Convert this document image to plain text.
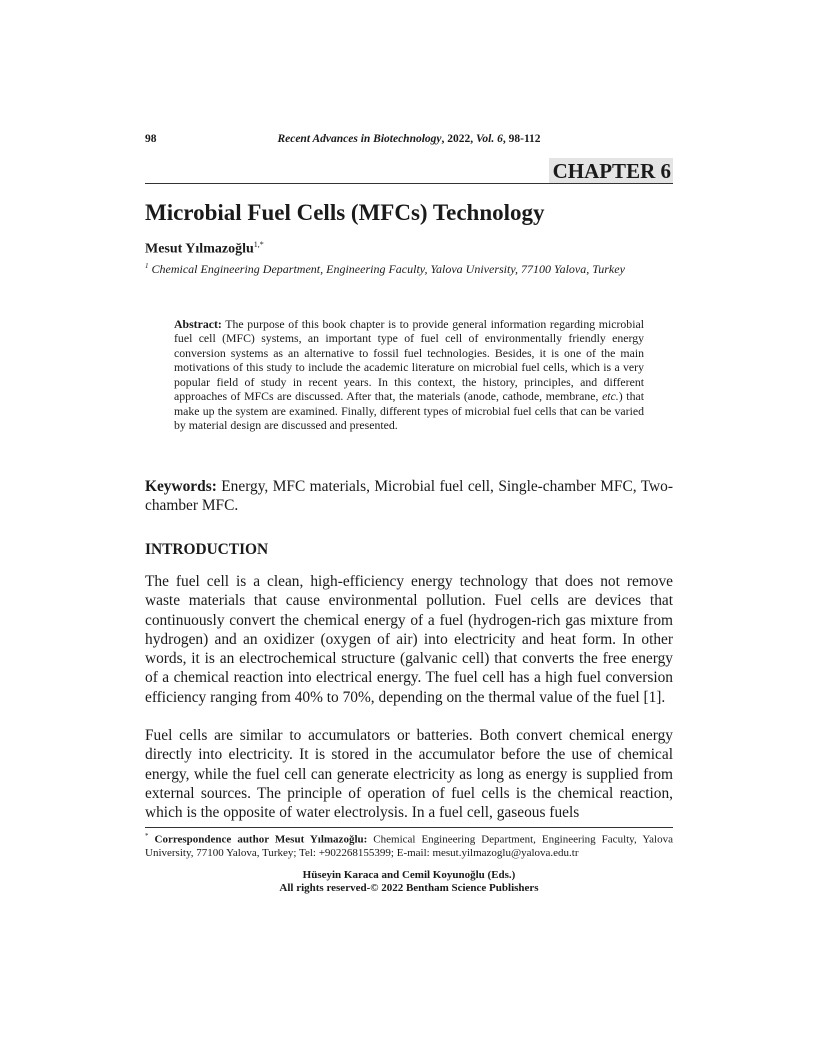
98	Recent Advances in Biotechnology, 2022, Vol. 6, 98-112
CHAPTER 6
Microbial Fuel Cells (MFCs) Technology
Mesut Yılmazoğlu$^{1,*}$
$^1$ Chemical Engineering Department, Engineering Faculty, Yalova University, 77100 Yalova, Turkey
Abstract: The purpose of this book chapter is to provide general information regarding microbial fuel cell (MFC) systems, an important type of fuel cell of environmentally friendly energy conversion systems as an alternative to fossil fuel technologies. Besides, it is one of the main motivations of this study to include the academic literature on microbial fuel cells, which is a very popular field of study in recent years. In this context, the history, principles, and different approaches of MFCs are discussed. After that, the materials (anode, cathode, membrane, etc.) that make up the system are examined. Finally, different types of microbial fuel cells that can be varied by material design are discussed and presented.
Keywords: Energy, MFC materials, Microbial fuel cell, Single-chamber MFC, Two-chamber MFC.
INTRODUCTION

The fuel cell is a clean, high-efficiency energy technology that does not remove waste materials that cause environmental pollution. Fuel cells are devices that continuously convert the chemical energy of a fuel (hydrogen-rich gas mixture from hydrogen) and an oxidizer (oxygen of air) into electricity and heat form. In other words, it is an electrochemical structure (galvanic cell) that converts the free energy of a chemical reaction into electrical energy. The fuel cell has a high fuel conversion efficiency ranging from 40% to 70%, depending on the thermal value of the fuel [1].

Fuel cells are similar to accumulators or batteries. Both convert chemical energy directly into electricity. It is stored in the accumulator before the use of chemical energy, while the fuel cell can generate electricity as long as energy is supplied from external sources. The principle of operation of fuel cells is the chemical reaction, which is the opposite of water electrolysis. In a fuel cell, gaseous fuels

* Correspondence author Mesut Yılmazoğlu: Chemical Engineering Department, Engineering Faculty, Yalova University, 77100 Yalova, Turkey; Tel: +902268155399; E-mail: mesut.yilmazoglu@yalova.edu.tr
Hüseyin Karaca and Cemil Koyunoğlu (Eds.)
All rights reserved-© 2022 Bentham Science Publishers
